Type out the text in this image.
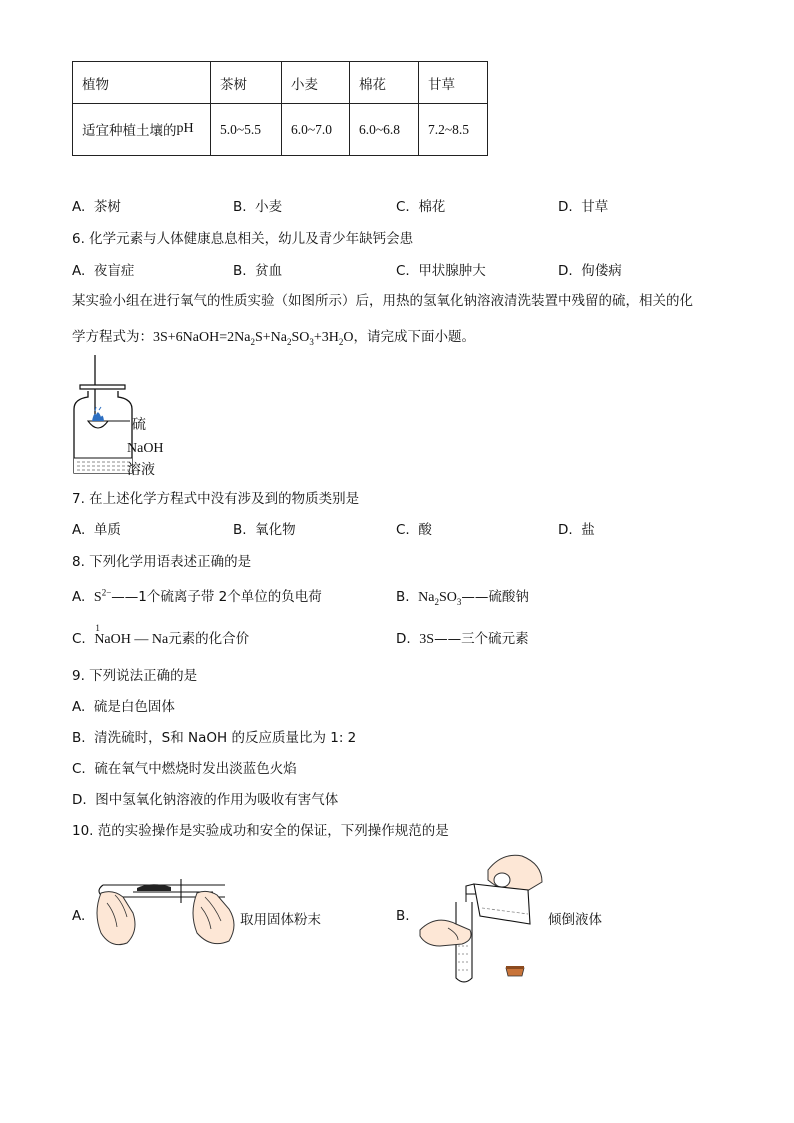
植物	茶树	小麦	棉花	甘草
适宜种植土壤的pH	5.0~5.5	6.0~7.0	6.0~6.8	7.2~8.5
A. 茶树	B. 小麦	C. 棉花	D. 甘草
6. 化学元素与人体健康息息相关，幼儿及青少年缺钙会患
A. 夜盲症	B. 贫血	C. 甲状腺肿大	D. 佝偻病
某实验小组在进行氧气的性质实验（如图所示）后，用热的氢氧化钠溶液清洗装置中残留的硫，相关的化
学方程式为：$3S+6NaOH=2Na_2S+Na_2SO_3+3H_2O$，请完成下面小题。
硫
NaOH
溶液
7. 在上述化学方程式中没有涉及到的物质类别是
A. 单质	B. 氧化物	C. 酸	D. 盐
8. 下列化学用语表述正确的是
A. $S^{2-}——1$个硫离子带 2个单位的负电荷	B. $Na_2SO_3——$硫酸钠
C.
1
NaOH — Na元素的化合价	D. 3S——三个硫元素
9. 下列说法正确的是
A. 硫是白色固体
B. 清洗硫时，S和 NaOH 的反应质量比为 1: 2
C. 硫在氧气中燃烧时发出淡蓝色火焰
D. 图中氢氧化钠溶液的作用为吸收有害气体
10. 范的实验操作是实验成功和安全的保证，下列操作规范的是
A.	取用固体粉末	B.	倾倒液体
